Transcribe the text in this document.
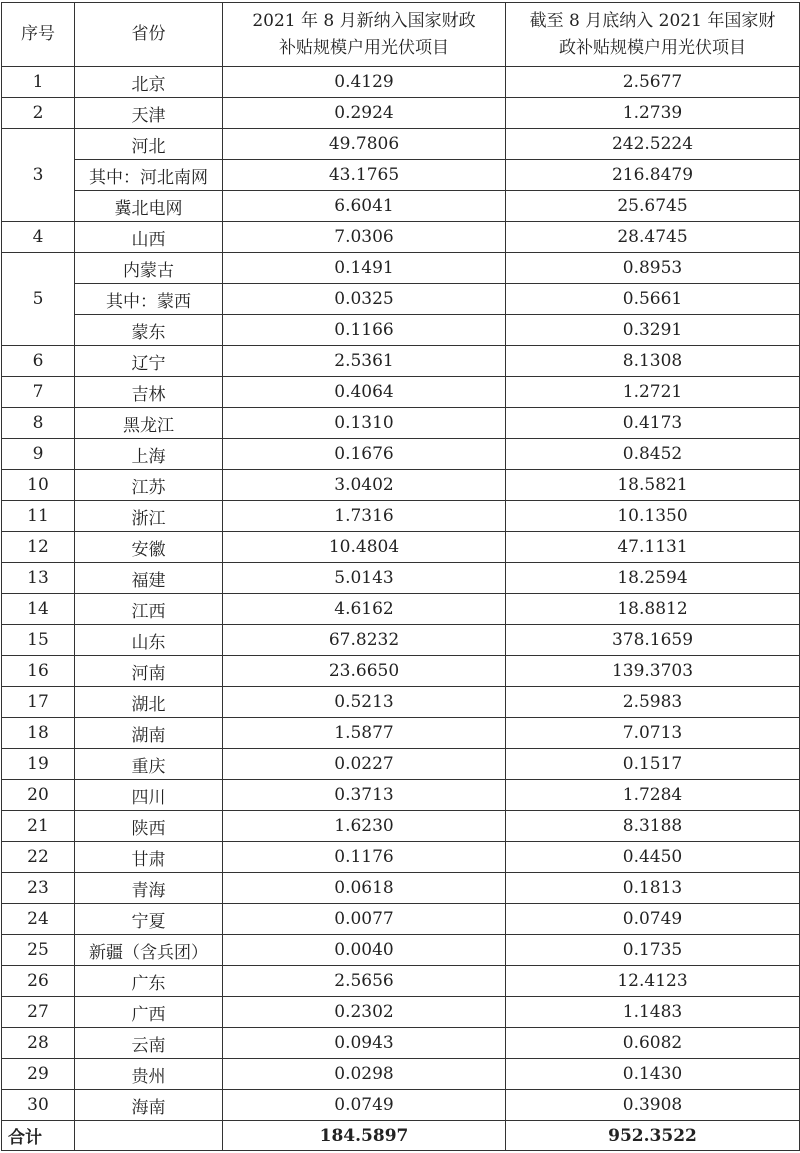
序号	省份	2021 年 8 月新纳入国家财政
补贴规模户用光伏项目	截至 8 月底纳入 2021 年国家财
政补贴规模户用光伏项目

1	北京	0.4129	2.5677
2	天津	0.2924	1.2739
3	河北	49.7806	242.5224
	其中：河北南网	43.1765	216.8479
	冀北电网	6.6041	25.6745
4	山西	7.0306	28.4745
5	内蒙古	0.1491	0.8953
	其中：蒙西	0.0325	0.5661
	蒙东	0.1166	0.3291
6	辽宁	2.5361	8.1308
7	吉林	0.4064	1.2721
8	黑龙江	0.1310	0.4173
9	上海	0.1676	0.8452
10	江苏	3.0402	18.5821
11	浙江	1.7316	10.1350
12	安徽	10.4804	47.1131
13	福建	5.0143	18.2594
14	江西	4.6162	18.8812
15	山东	67.8232	378.1659
16	河南	23.6650	139.3703
17	湖北	0.5213	2.5983
18	湖南	1.5877	7.0713
19	重庆	0.0227	0.1517
20	四川	0.3713	1.7284
21	陕西	1.6230	8.3188
22	甘肃	0.1176	0.4450
23	青海	0.0618	0.1813
24	宁夏	0.0077	0.0749
25	新疆（含兵团）	0.0040	0.1735
26	广东	2.5656	12.4123
27	广西	0.2302	1.1483
28	云南	0.0943	0.6082
29	贵州	0.0298	0.1430
30	海南	0.0749	0.3908
合计		184.5897	952.3522
